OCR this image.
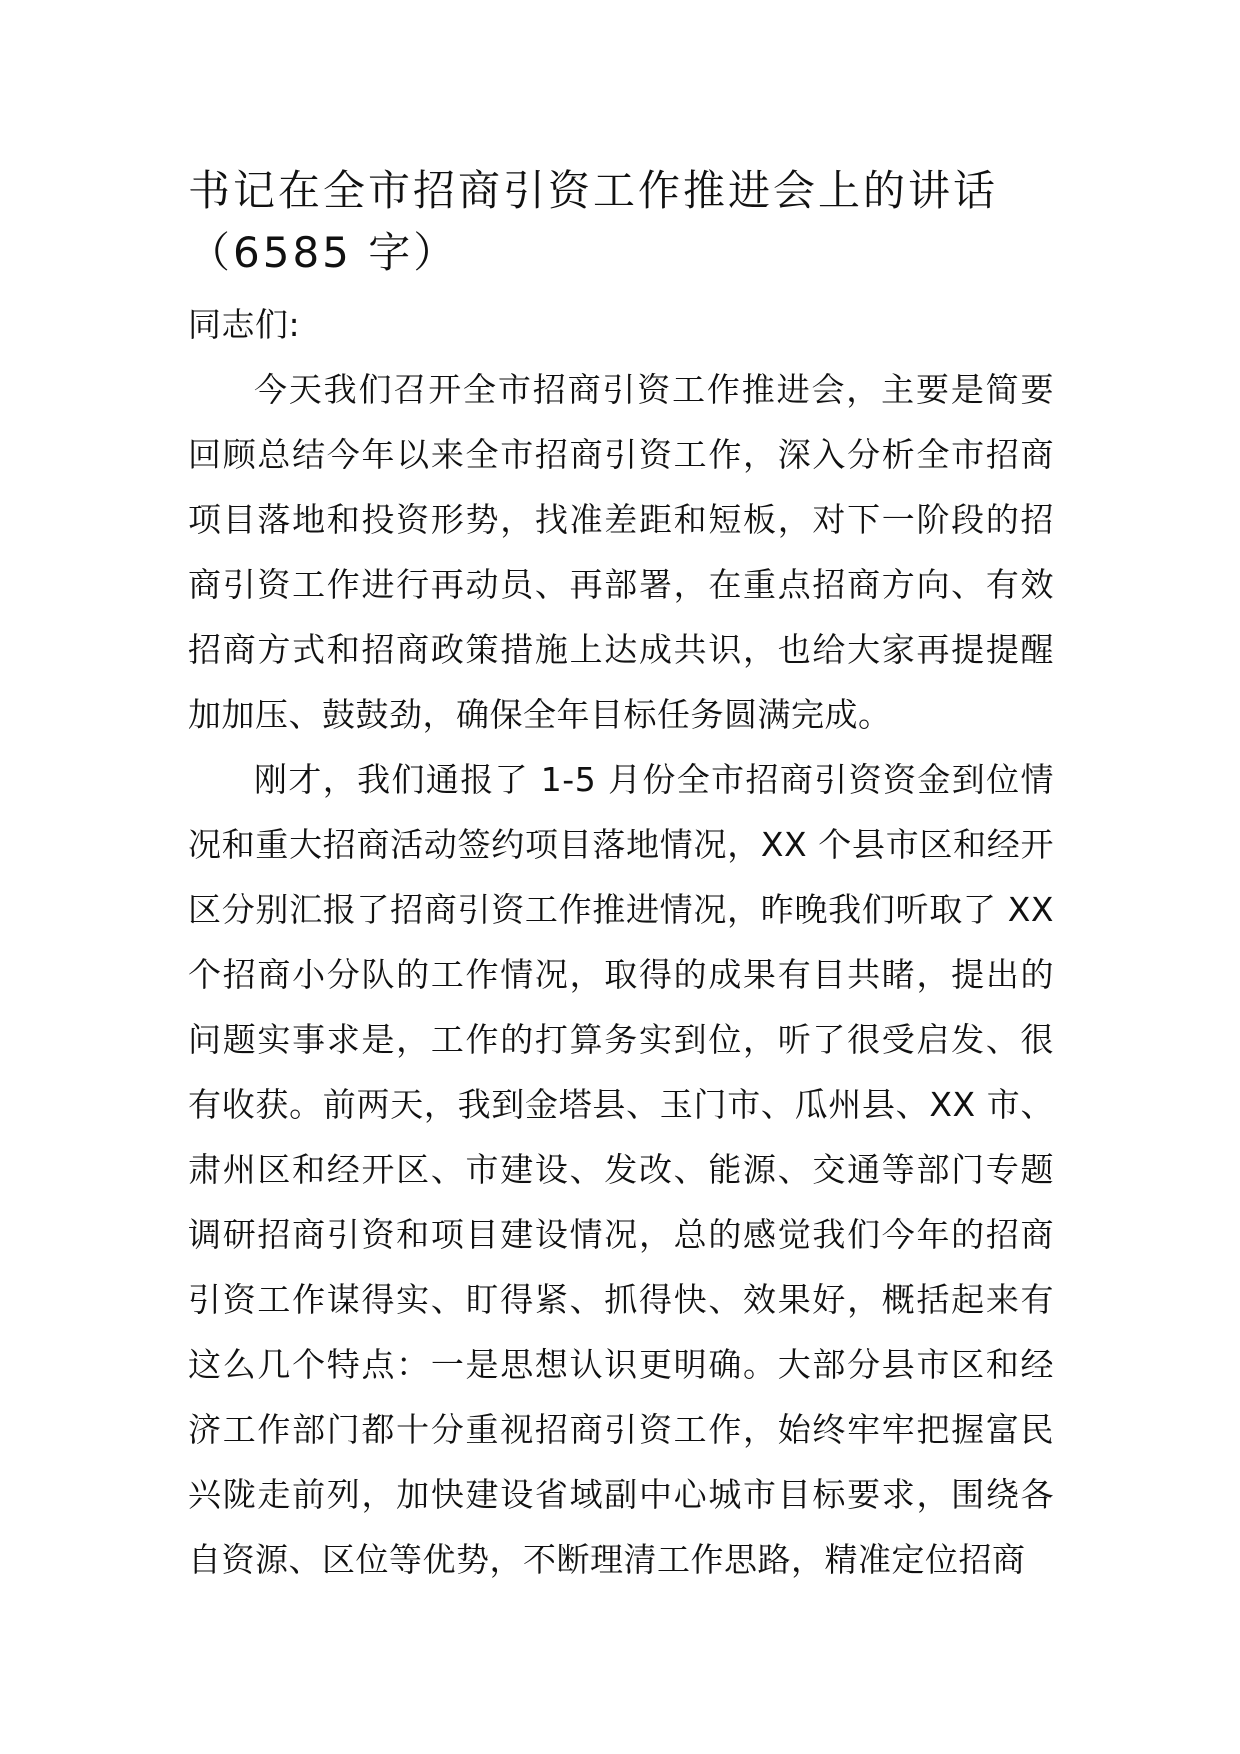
书记在全市招商引资工作推进会上的讲话
（6585 字）

同志们:

今天我们召开全市招商引资工作推进会，主要是简要回顾总结今年以来全市招商引资工作，深入分析全市招商项目落地和投资形势，找准差距和短板，对下一阶段的招商引资工作进行再动员、再部署，在重点招商方向、有效招商方式和招商政策措施上达成共识，也给大家再提提醒加加压、鼓鼓劲，确保全年目标任务圆满完成。

刚才，我们通报了 1-5 月份全市招商引资资金到位情况和重大招商活动签约项目落地情况，XX 个县市区和经开区分别汇报了招商引资工作推进情况，昨晚我们听取了 XX 个招商小分队的工作情况，取得的成果有目共睹，提出的问题实事求是，工作的打算务实到位，听了很受启发、很有收获。前两天，我到金塔县、玉门市、瓜州县、XX 市、肃州区和经开区、市建设、发改、能源、交通等部门专题调研招商引资和项目建设情况，总的感觉我们今年的招商引资工作谋得实、盯得紧、抓得快、效果好，概括起来有这么几个特点：一是思想认识更明确。大部分县市区和经济工作部门都十分重视招商引资工作，始终牢牢把握富民兴陇走前列，加快建设省域副中心城市目标要求，围绕各自资源、区位等优势，不断理清工作思路，精准定位招商
